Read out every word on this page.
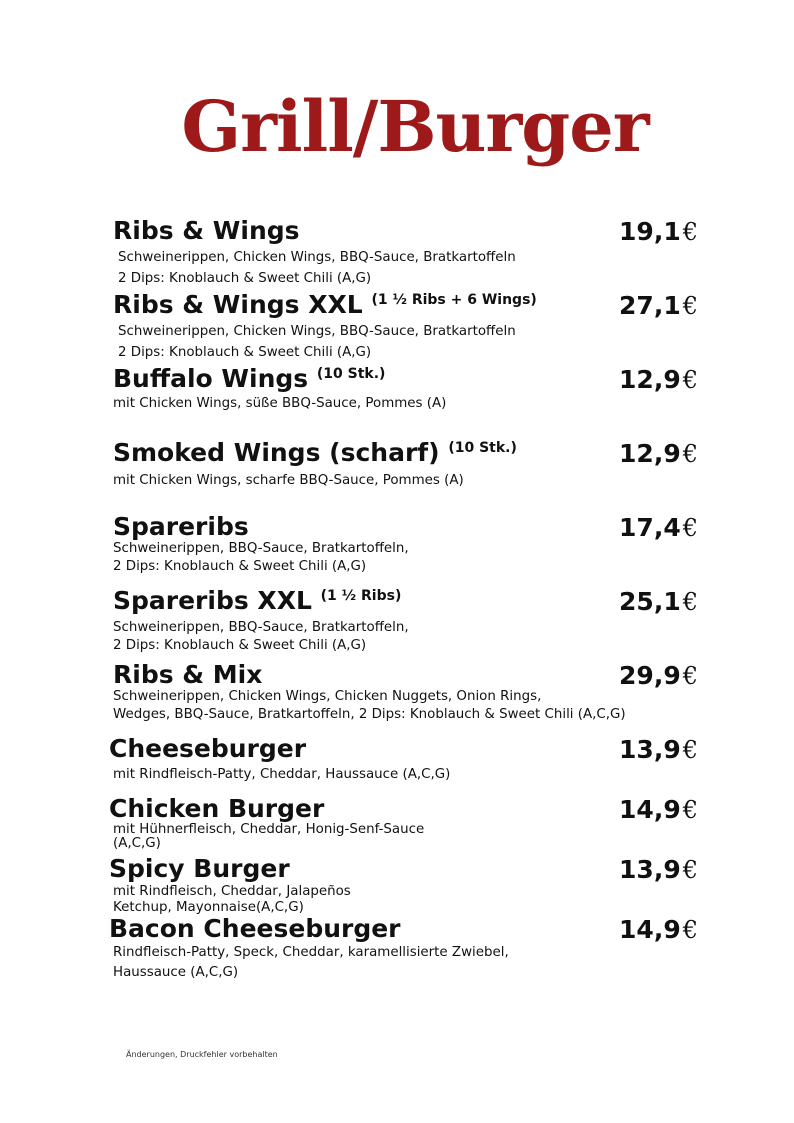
Grill/Burger
Ribs & Wings	19,1€
Schweinerippen, Chicken Wings, BBQ-Sauce, Bratkartoffeln
2 Dips: Knoblauch & Sweet Chili (A,G)
Ribs & Wings XXL $^{(1 \frac{1}{2} Ribs + 6 Wings)}$	27,1€
Schweinerippen, Chicken Wings, BBQ-Sauce, Bratkartoffeln
2 Dips: Knoblauch & Sweet Chili (A,G)
Buffalo Wings $^{(10 Stk.)}$	12,9€
mit Chicken Wings, süße BBQ-Sauce, Pommes (A)
Smoked Wings (scharf) $^{(10 Stk.)}$	12,9€
mit Chicken Wings, scharfe BBQ-Sauce, Pommes (A)
Spareribs	17,4€
Schweinerippen, BBQ-Sauce, Bratkartoffeln,
2 Dips: Knoblauch & Sweet Chili (A,G)
Spareribs XXL $^{(1 \frac{1}{2} Ribs)}$	25,1€
Schweinerippen, BBQ-Sauce, Bratkartoffeln,
2 Dips: Knoblauch & Sweet Chili (A,G)
Ribs & Mix	29,9€
Schweinerippen, Chicken Wings, Chicken Nuggets, Onion Rings,
Wedges, BBQ-Sauce, Bratkartoffeln, 2 Dips: Knoblauch & Sweet Chili (A,C,G)
Cheeseburger	13,9€
mit Rindfleisch-Patty, Cheddar, Haussauce (A,C,G)
Chicken Burger	14,9€
mit Hühnerfleisch, Cheddar, Honig-Senf-Sauce
(A,C,G)
Spicy Burger	13,9€
mit Rindfleisch, Cheddar, Jalapeños
Ketchup, Mayonnaise(A,C,G)
Bacon Cheeseburger	14,9€
Rindfleisch-Patty, Speck, Cheddar, karamellisierte Zwiebel,
Haussauce (A,C,G)
Änderungen, Druckfehler vorbehalten
